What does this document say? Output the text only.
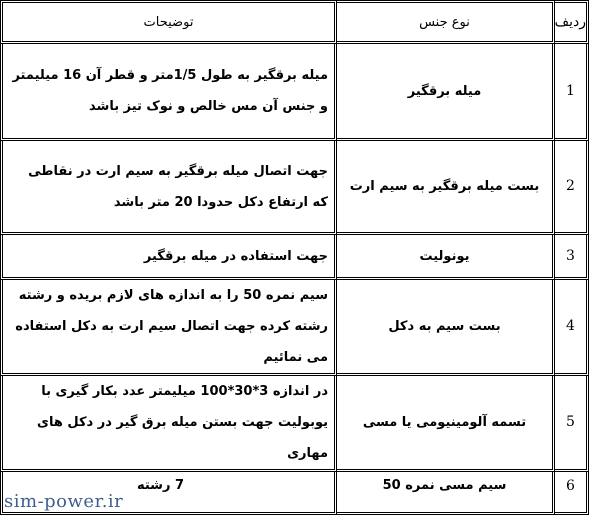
ردیف	نوع جنس	توضیحات
1	میله برقگیر	میله برقگیر به طول 1/5متر و قطر آن 16 میلیمتر و جنس آن مس خالص و نوک تیز باشد
2	بست میله برقگیر به سیم ارت	جهت اتصال میله برقگیر به سیم ارت در نقاطی که ارتفاع دکل حدودا 20 متر باشد
3	یونولیت	جهت استفاده در میله برقگیر
4	بست سیم به دکل	سیم نمره 50 را به اندازه های لازم بریده و رشته رشته کرده جهت اتصال سیم ارت به دکل استفاده می نمائیم
5	تسمه آلومینیومی یا مسی	در اندازه 3*30*100 میلیمتر عدد بکار گیری با یوبولیت جهت بستن میله برق گیر در دکل های مهاری
6	سیم مسی نمره 50	7 رشته
sim-power.ir
